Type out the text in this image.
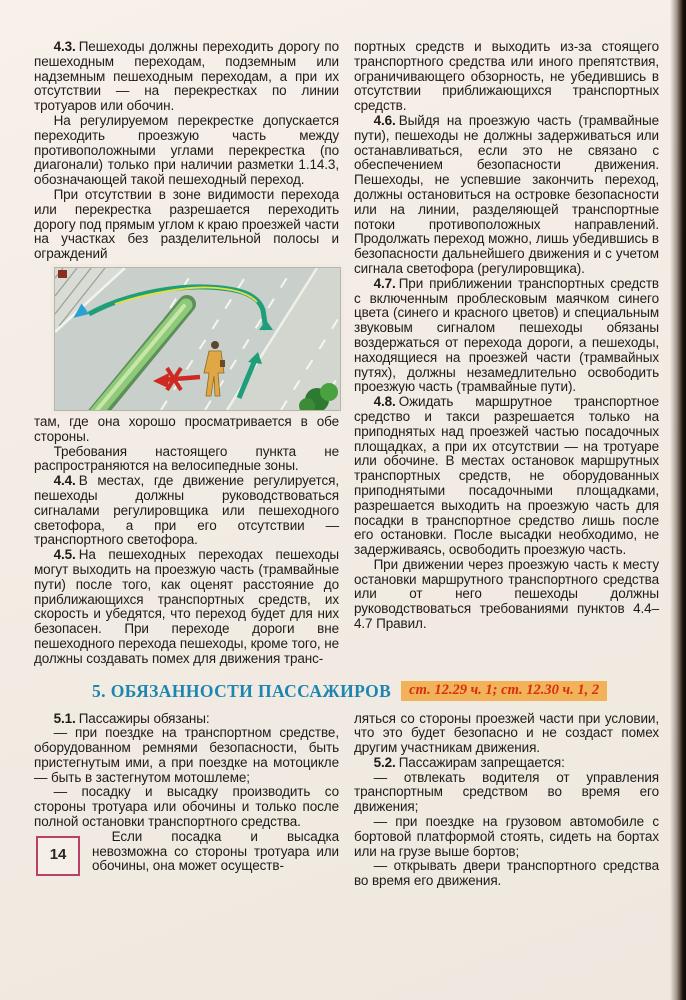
4.3. Пешеходы должны переходить дорогу по пешеходным переходам, подземным или надземным пешеходным переходам, а при их отсутствии — на перекрестках по линии тротуаров или обочин.

На регулируемом перекрестке допускается переходить проезжую часть между противоположными углами перекрестка (по диагонали) только при наличии разметки 1.14.3, обозначающей такой пешеходный переход.

При отсутствии в зоне видимости перехода или перекрестка разрешается переходить дорогу под прямым углом к краю проезжей части на участках без разделительной полосы и ограждений

там, где она хорошо просматривается в обе стороны.

Требования настоящего пункта не распространяются на велосипедные зоны.

4.4. В местах, где движение регулируется, пешеходы должны руководствоваться сигналами регулировщика или пешеходного светофора, а при его отсутствии — транспортного светофора.

4.5. На пешеходных переходах пешеходы могут выходить на проезжую часть (трамвайные пути) после того, как оценят расстояние до приближающихся транспортных средств, их скорость и убедятся, что переход будет для них безопасен. При переходе дороги вне пешеходного перехода пешеходы, кроме того, не должны создавать помех для движения транс-

портных средств и выходить из-за стоящего транспортного средства или иного препятствия, ограничивающего обзорность, не убедившись в отсутствии приближающихся транспортных средств.

4.6. Выйдя на проезжую часть (трамвайные пути), пешеходы не должны задерживаться или останавливаться, если это не связано с обеспечением безопасности движения. Пешеходы, не успевшие закончить переход, должны остановиться на островке безопасности или на линии, разделяющей транспортные потоки противоположных направлений. Продолжать переход можно, лишь убедившись в безопасности дальнейшего движения и с учетом сигнала светофора (регулировщика).

4.7. При приближении транспортных средств с включенным проблесковым маячком синего цвета (синего и красного цветов) и специальным звуковым сигналом пешеходы обязаны воздержаться от перехода дороги, а пешеходы, находящиеся на проезжей части (трамвайных путях), должны незамедлительно освободить проезжую часть (трамвайные пути).

4.8. Ожидать маршрутное транспортное средство и такси разрешается только на приподнятых над проезжей частью посадочных площадках, а при их отсутствии — на тротуаре или обочине. В местах остановок маршрутных транспортных средств, не оборудованных приподнятыми посадочными площадками, разрешается выходить на проезжую часть для посадки в транспортное средство лишь после его остановки. После высадки необходимо, не задерживаясь, освободить проезжую часть.

При движении через проезжую часть к месту остановки маршрутного транспортного средства или от него пешеходы должны руководствоваться требованиями пунктов 4.4–4.7 Правил.

5. ОБЯЗАННОСТИ ПАССАЖИРОВ	ст. 12.29 ч. 1; ст. 12.30 ч. 1, 2

5.1. Пассажиры обязаны:

— при поездке на транспортном средстве, оборудованном ремнями безопасности, быть пристегнутым ими, а при поездке на мотоцикле — быть в застегнутом мотошлеме;

— посадку и высадку производить со стороны тротуара или обочины и только после полной остановки транспортного средства.

14

Если посадка и высадка невозможна со стороны тротуара или обочины, она может осуществ-

ляться со стороны проезжей части при условии, что это будет безопасно и не создаст помех другим участникам движения.

5.2. Пассажирам запрещается:

— отвлекать водителя от управления транспортным средством во время его движения;

— при поездке на грузовом автомобиле с бортовой платформой стоять, сидеть на бортах или на грузе выше бортов;

— открывать двери транспортного средства во время его движения.
